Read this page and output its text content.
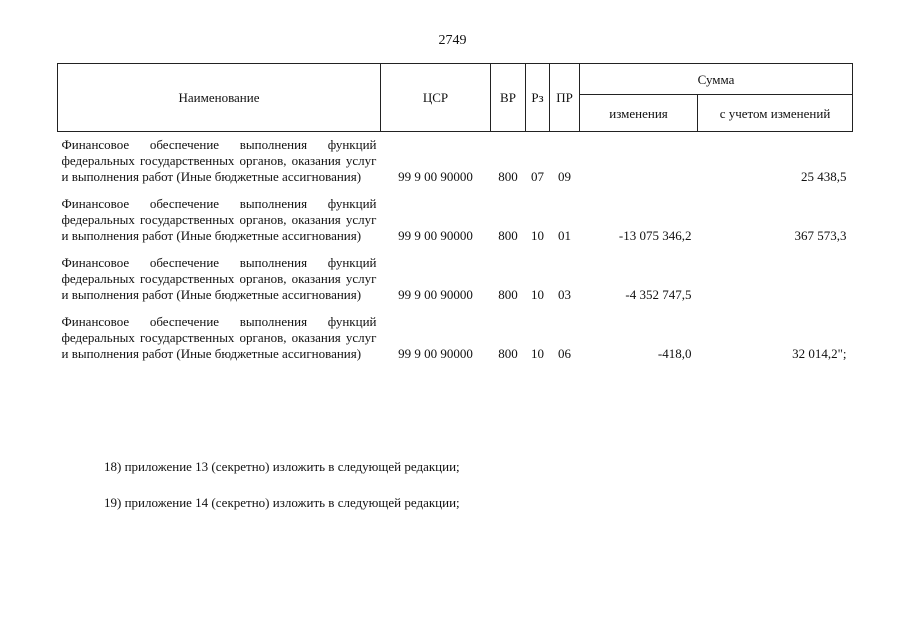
2749
Наименование	ЦСР	ВР	Рз	ПР	Сумма	
					изменения	с учетом изменений
Финансовое обеспечение выполнения функций федеральных государственных органов, оказания услуг и выполнения работ (Иные бюджетные ассигнования)	99 9 00 90000	800	07	09		25 438,5
Финансовое обеспечение выполнения функций федеральных государственных органов, оказания услуг и выполнения работ (Иные бюджетные ассигнования)	99 9 00 90000	800	10	01	-13 075 346,2	367 573,3
Финансовое обеспечение выполнения функций федеральных государственных органов, оказания услуг и выполнения работ (Иные бюджетные ассигнования)	99 9 00 90000	800	10	03	-4 352 747,5	
Финансовое обеспечение выполнения функций федеральных государственных органов, оказания услуг и выполнения работ (Иные бюджетные ассигнования)	99 9 00 90000	800	10	06	-418,0	32 014,2";
18) приложение 13 (секретно) изложить в следующей редакции;
19) приложение 14 (секретно) изложить в следующей редакции;
